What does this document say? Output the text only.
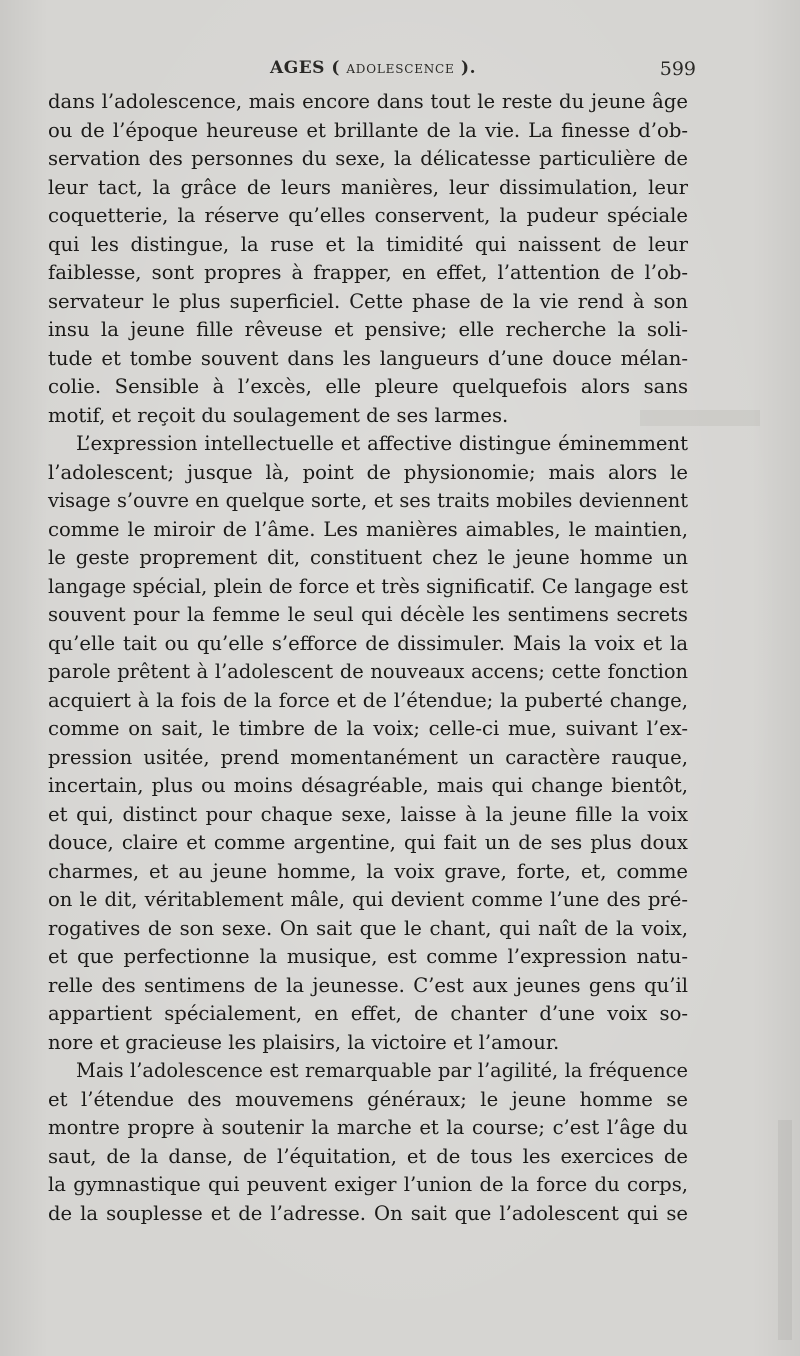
AGES ( ADOLESCENCE ).	599
dans l’adolescence, mais encore dans tout le reste du jeune âge
ou de l’époque heureuse et brillante de la vie. La finesse d’ob-
servation des personnes du sexe, la délicatesse particulière de
leur tact, la grâce de leurs manières, leur dissimulation, leur
coquetterie, la réserve qu’elles conservent, la pudeur spéciale
qui les distingue, la ruse et la timidité qui naissent de leur
faiblesse, sont propres à frapper, en effet, l’attention de l’ob-
servateur le plus superficiel. Cette phase de la vie rend à son
insu la jeune fille rêveuse et pensive; elle recherche la soli-
tude et tombe souvent dans les langueurs d’une douce mélan-
colie. Sensible à l’excès, elle pleure quelquefois alors sans
motif, et reçoit du soulagement de ses larmes.
L’expression intellectuelle et affective distingue éminemment
l’adolescent; jusque là, point de physionomie; mais alors le
visage s’ouvre en quelque sorte, et ses traits mobiles deviennent
comme le miroir de l’âme. Les manières aimables, le maintien,
le geste proprement dit, constituent chez le jeune homme un
langage spécial, plein de force et très significatif. Ce langage est
souvent pour la femme le seul qui décèle les sentimens secrets
qu’elle tait ou qu’elle s’efforce de dissimuler. Mais la voix et la
parole prêtent à l’adolescent de nouveaux accens; cette fonction
acquiert à la fois de la force et de l’étendue; la puberté change,
comme on sait, le timbre de la voix; celle-ci mue, suivant l’ex-
pression usitée, prend momentanément un caractère rauque,
incertain, plus ou moins désagréable, mais qui change bientôt,
et qui, distinct pour chaque sexe, laisse à la jeune fille la voix
douce, claire et comme argentine, qui fait un de ses plus doux
charmes, et au jeune homme, la voix grave, forte, et, comme
on le dit, véritablement mâle, qui devient comme l’une des pré-
rogatives de son sexe. On sait que le chant, qui naît de la voix,
et que perfectionne la musique, est comme l’expression natu-
relle des sentimens de la jeunesse. C’est aux jeunes gens qu’il
appartient spécialement, en effet, de chanter d’une voix so-
nore et gracieuse les plaisirs, la victoire et l’amour.
Mais l’adolescence est remarquable par l’agilité, la fréquence
et l’étendue des mouvemens généraux; le jeune homme se
montre propre à soutenir la marche et la course; c’est l’âge du
saut, de la danse, de l’équitation, et de tous les exercices de
la gymnastique qui peuvent exiger l’union de la force du corps,
de la souplesse et de l’adresse. On sait que l’adolescent qui se
